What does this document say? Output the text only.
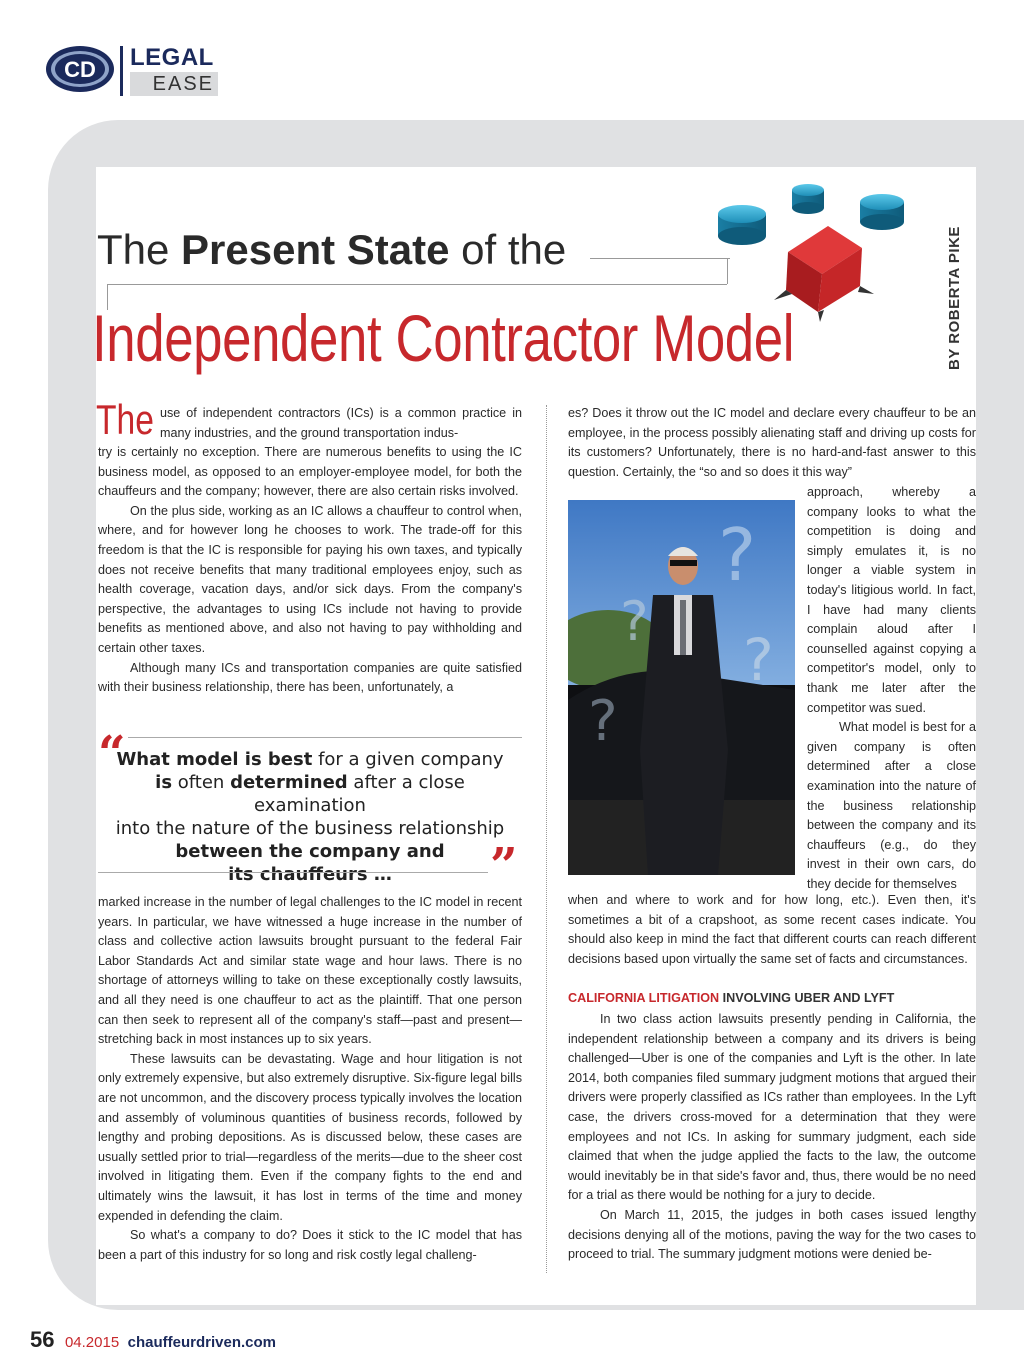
CD LEGAL
EASE
The Present State of the
Independent Contractor Model	BY ROBERTA PIKE
The use of independent contractors (ICs) is a common practice in many industries, and the ground transportation indus-

try is certainly no exception. There are numerous benefits to using the IC business model, as opposed to an employer-employee model, for both the chauffeurs and the company; however, there are also certain risks involved.

On the plus side, working as an IC allows a chauffeur to control when, where, and for however long he chooses to work. The trade-off for this freedom is that the IC is responsible for paying his own taxes, and typically does not receive benefits that many traditional employees enjoy, such as health coverage, vacation days, and/or sick days. From the company's perspective, the advantages to using ICs include not having to provide benefits as mentioned above, and also not having to pay withholding and certain other taxes.

Although many ICs and transportation companies are quite satisfied with their business relationship, there has been, unfortunately, a

“
What model is best for a given company
is often determined after a close examination
into the nature of the business relationship
between the company and
its chauffeurs …	”

marked increase in the number of legal challenges to the IC model in recent years. In particular, we have witnessed a huge increase in the number of class and collective action lawsuits brought pursuant to the federal Fair Labor Standards Act and similar state wage and hour laws. There is no shortage of attorneys willing to take on these exceptionally costly lawsuits, and all they need is one chauffeur to act as the plaintiff. That one person can then seek to represent all of the company's staff—past and present—stretching back in most instances up to six years.

These lawsuits can be devastating. Wage and hour litigation is not only extremely expensive, but also extremely disruptive. Six-figure legal bills are not uncommon, and the discovery process typically involves the location and assembly of voluminous quantities of business records, followed by lengthy and probing depositions. As is discussed below, these cases are usually settled prior to trial—regardless of the merits—due to the sheer cost involved in litigating them. Even if the company fights to the end and ultimately wins the lawsuit, it has lost in terms of the time and money expended in defending the claim.

So what's a company to do? Does it stick to the IC model that has been a part of this industry for so long and risk costly legal challeng-

es? Does it throw out the IC model and declare every chauffeur to be an employee, in the process possibly alienating staff and driving up costs for its customers? Unfortunately, there is no hard-and-fast answer to this question. Certainly, the “so and so does it this way”
?
?
?
?

approach, whereby a company looks to what the competition is doing and simply emulates it, is no longer a viable system in today's litigious world. In fact, I have had many clients complain aloud after I counselled against copying a competitor's model, only to thank me later after the competitor was sued.

What model is best for a given company is often determined after a close examination into the nature of the business relationship between the company and its chauffeurs (e.g., do they invest in their own cars, do they decide for themselves

when and where to work and for how long, etc.). Even then, it's sometimes a bit of a crapshoot, as some recent cases indicate. You should also keep in mind the fact that different courts can reach different decisions based upon virtually the same set of facts and circumstances.
CALIFORNIA LITIGATION INVOLVING UBER AND LYFT

In two class action lawsuits presently pending in California, the independent relationship between a company and its drivers is being challenged—Uber is one of the companies and Lyft is the other. In late 2014, both companies filed summary judgment motions that argued their drivers were properly classified as ICs rather than employees. In the Lyft case, the drivers cross-moved for a determination that they were employees and not ICs. In asking for summary judgment, each side claimed that when the judge applied the facts to the law, the outcome would inevitably be in that side's favor and, thus, there would be no need for a trial as there would be nothing for a jury to decide.

On March 11, 2015, the judges in both cases issued lengthy decisions denying all of the motions, paving the way for the two cases to proceed to trial. The summary judgment motions were denied be-

56 04.2015 chauffeurdriven.com
